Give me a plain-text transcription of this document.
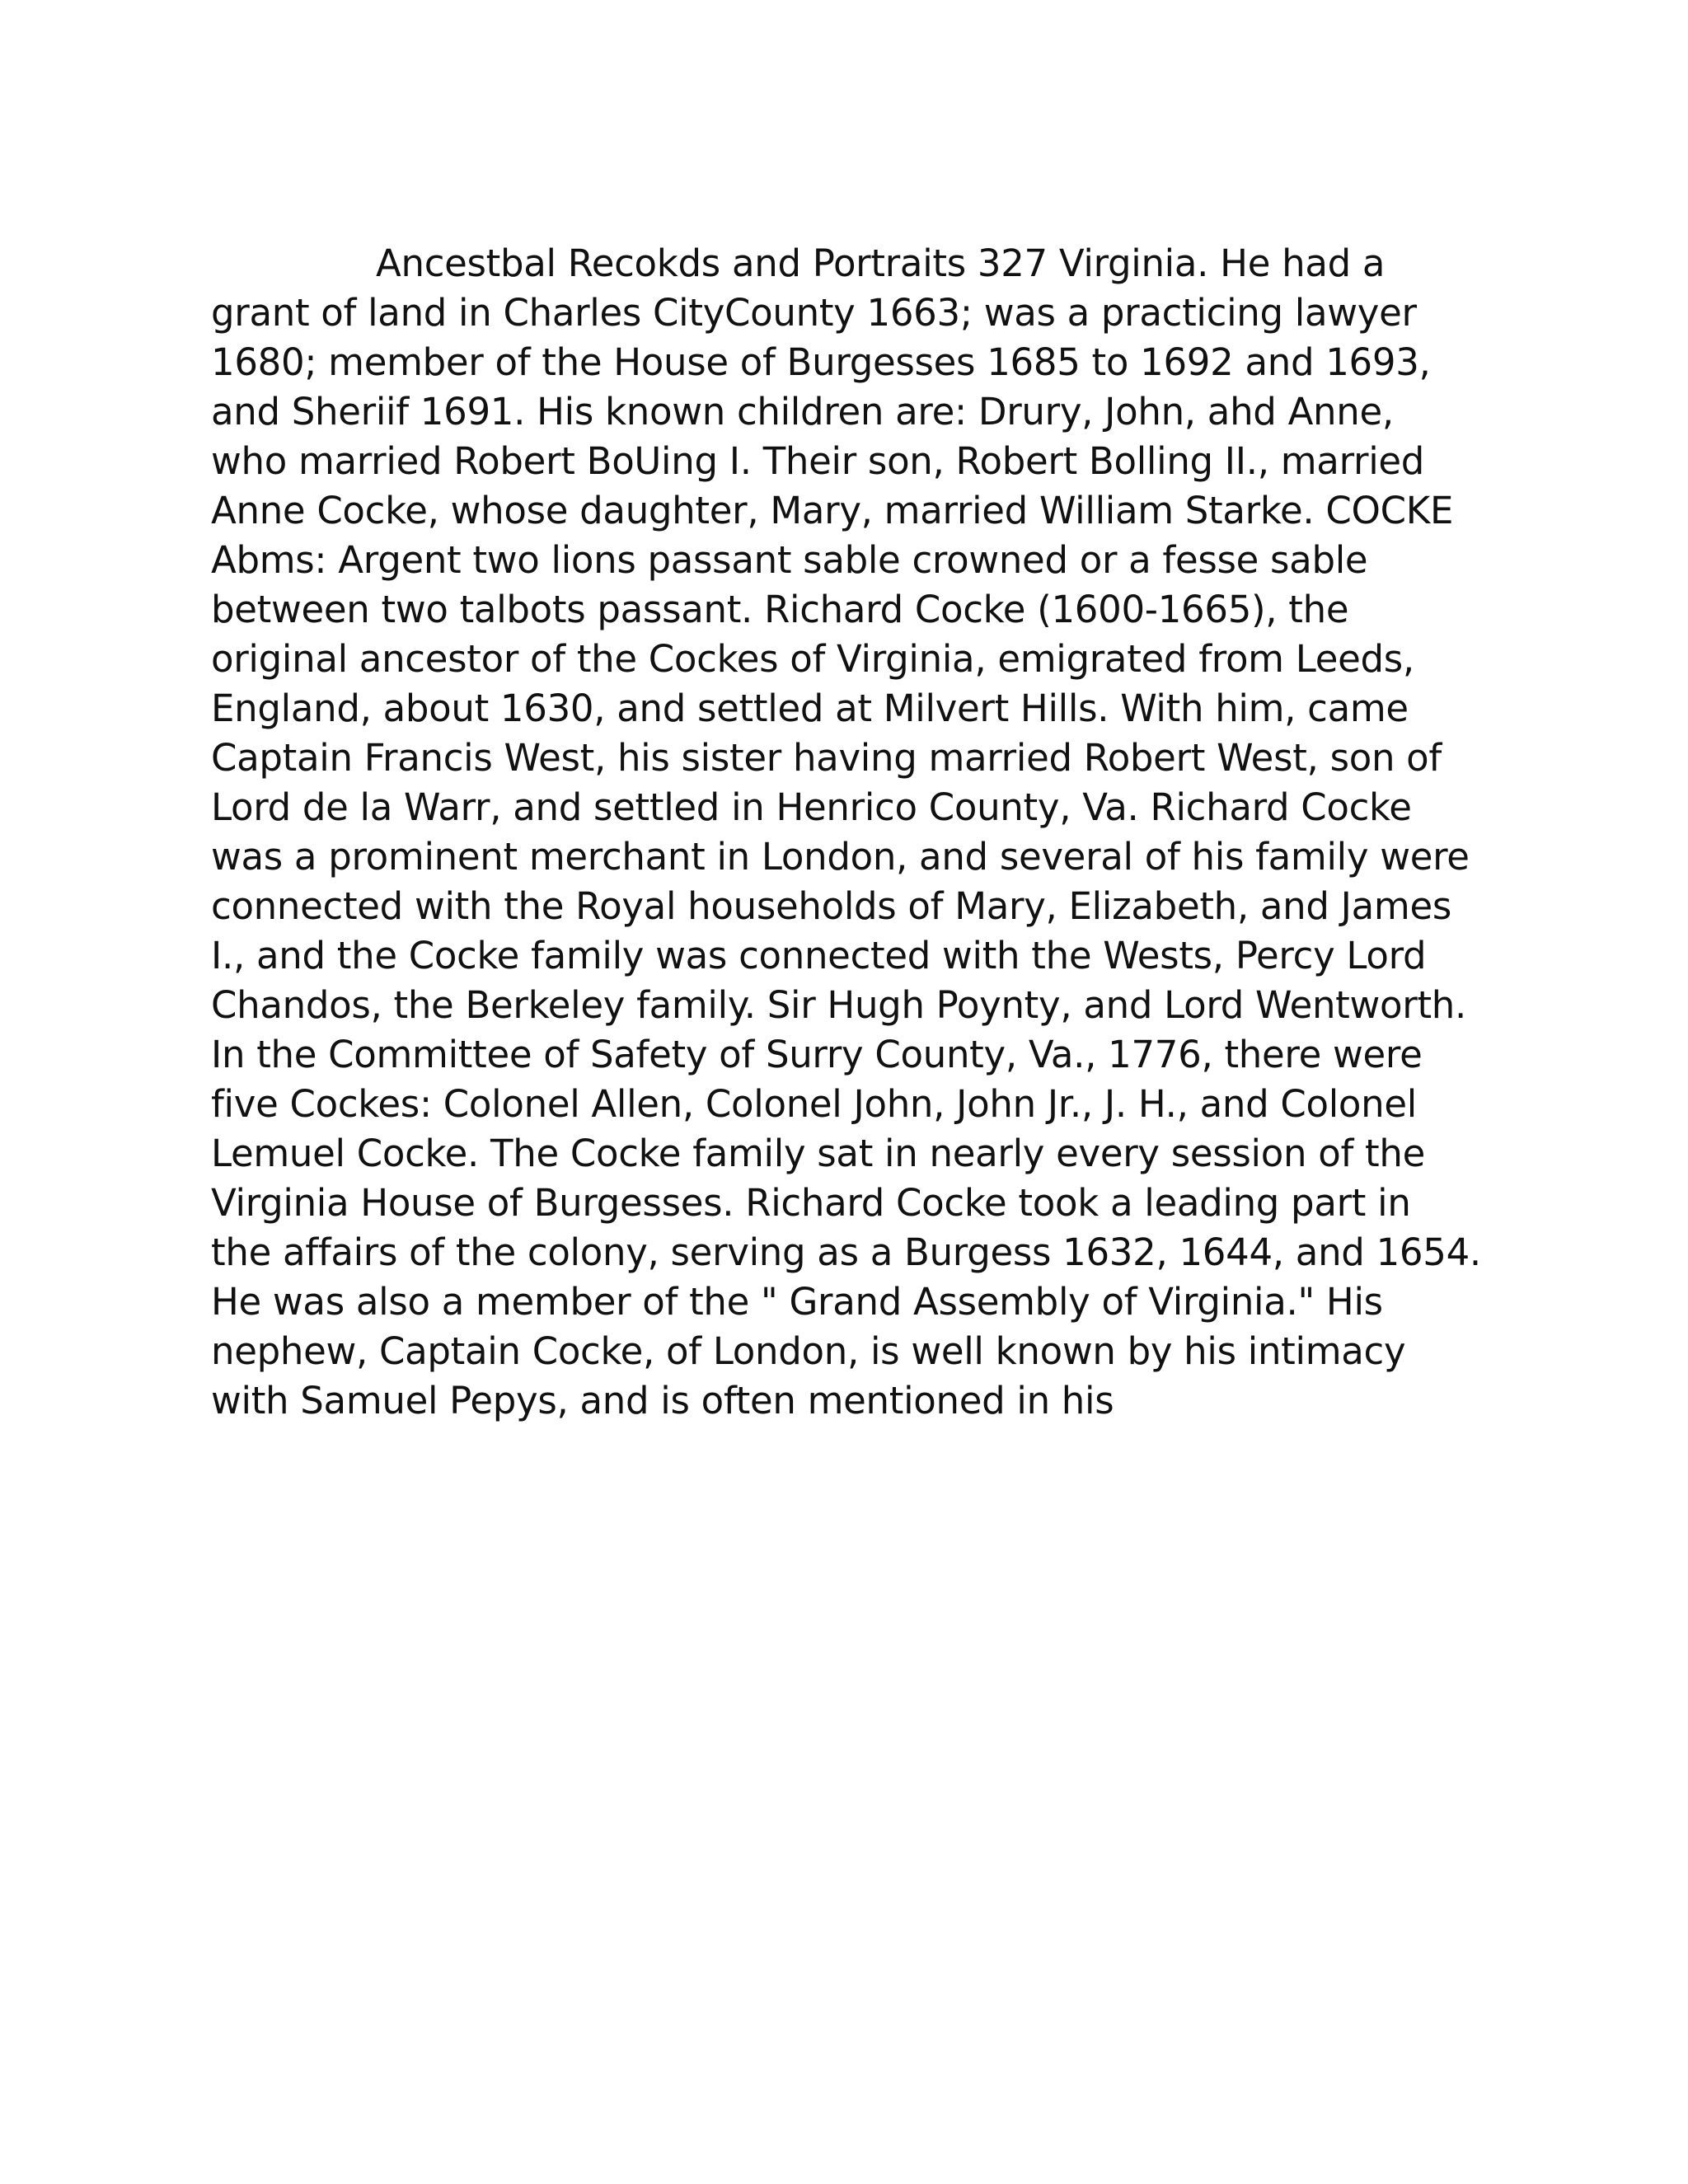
Ancestbal Recokds and Portraits 327 Virginia. He had a
grant of land in Charles CityCounty 1663; was a practicing lawyer
1680; member of the House of Burgesses 1685 to 1692 and 1693,
and Sheriif 1691. His known children are: Drury, John, ahd Anne,
who married Robert BoUing I. Their son, Robert Bolling II., married
Anne Cocke, whose daughter, Mary, married William Starke. COCKE
Abms: Argent two lions passant sable crowned or a fesse sable
between two talbots passant. Richard Cocke (1600-1665), the
original ancestor of the Cockes of Virginia, emigrated from Leeds,
England, about 1630, and settled at Milvert Hills. With him, came
Captain Francis West, his sister having married Robert West, son of
Lord de la Warr, and settled in Henrico County, Va. Richard Cocke
was a prominent merchant in London, and several of his family were
connected with the Royal households of Mary, Elizabeth, and James
I., and the Cocke family was connected with the Wests, Percy Lord
Chandos, the Berkeley family. Sir Hugh Poynty, and Lord Wentworth.
In the Committee of Safety of Surry County, Va., 1776, there were
five Cockes: Colonel Allen, Colonel John, John Jr., J. H., and Colonel
Lemuel Cocke. The Cocke family sat in nearly every session of the
Virginia House of Burgesses. Richard Cocke took a leading part in
the affairs of the colony, serving as a Burgess 1632, 1644, and 1654.
He was also a member of the " Grand Assembly of Virginia." His
nephew, Captain Cocke, of London, is well known by his intimacy
with Samuel Pepys, and is often mentioned in his
